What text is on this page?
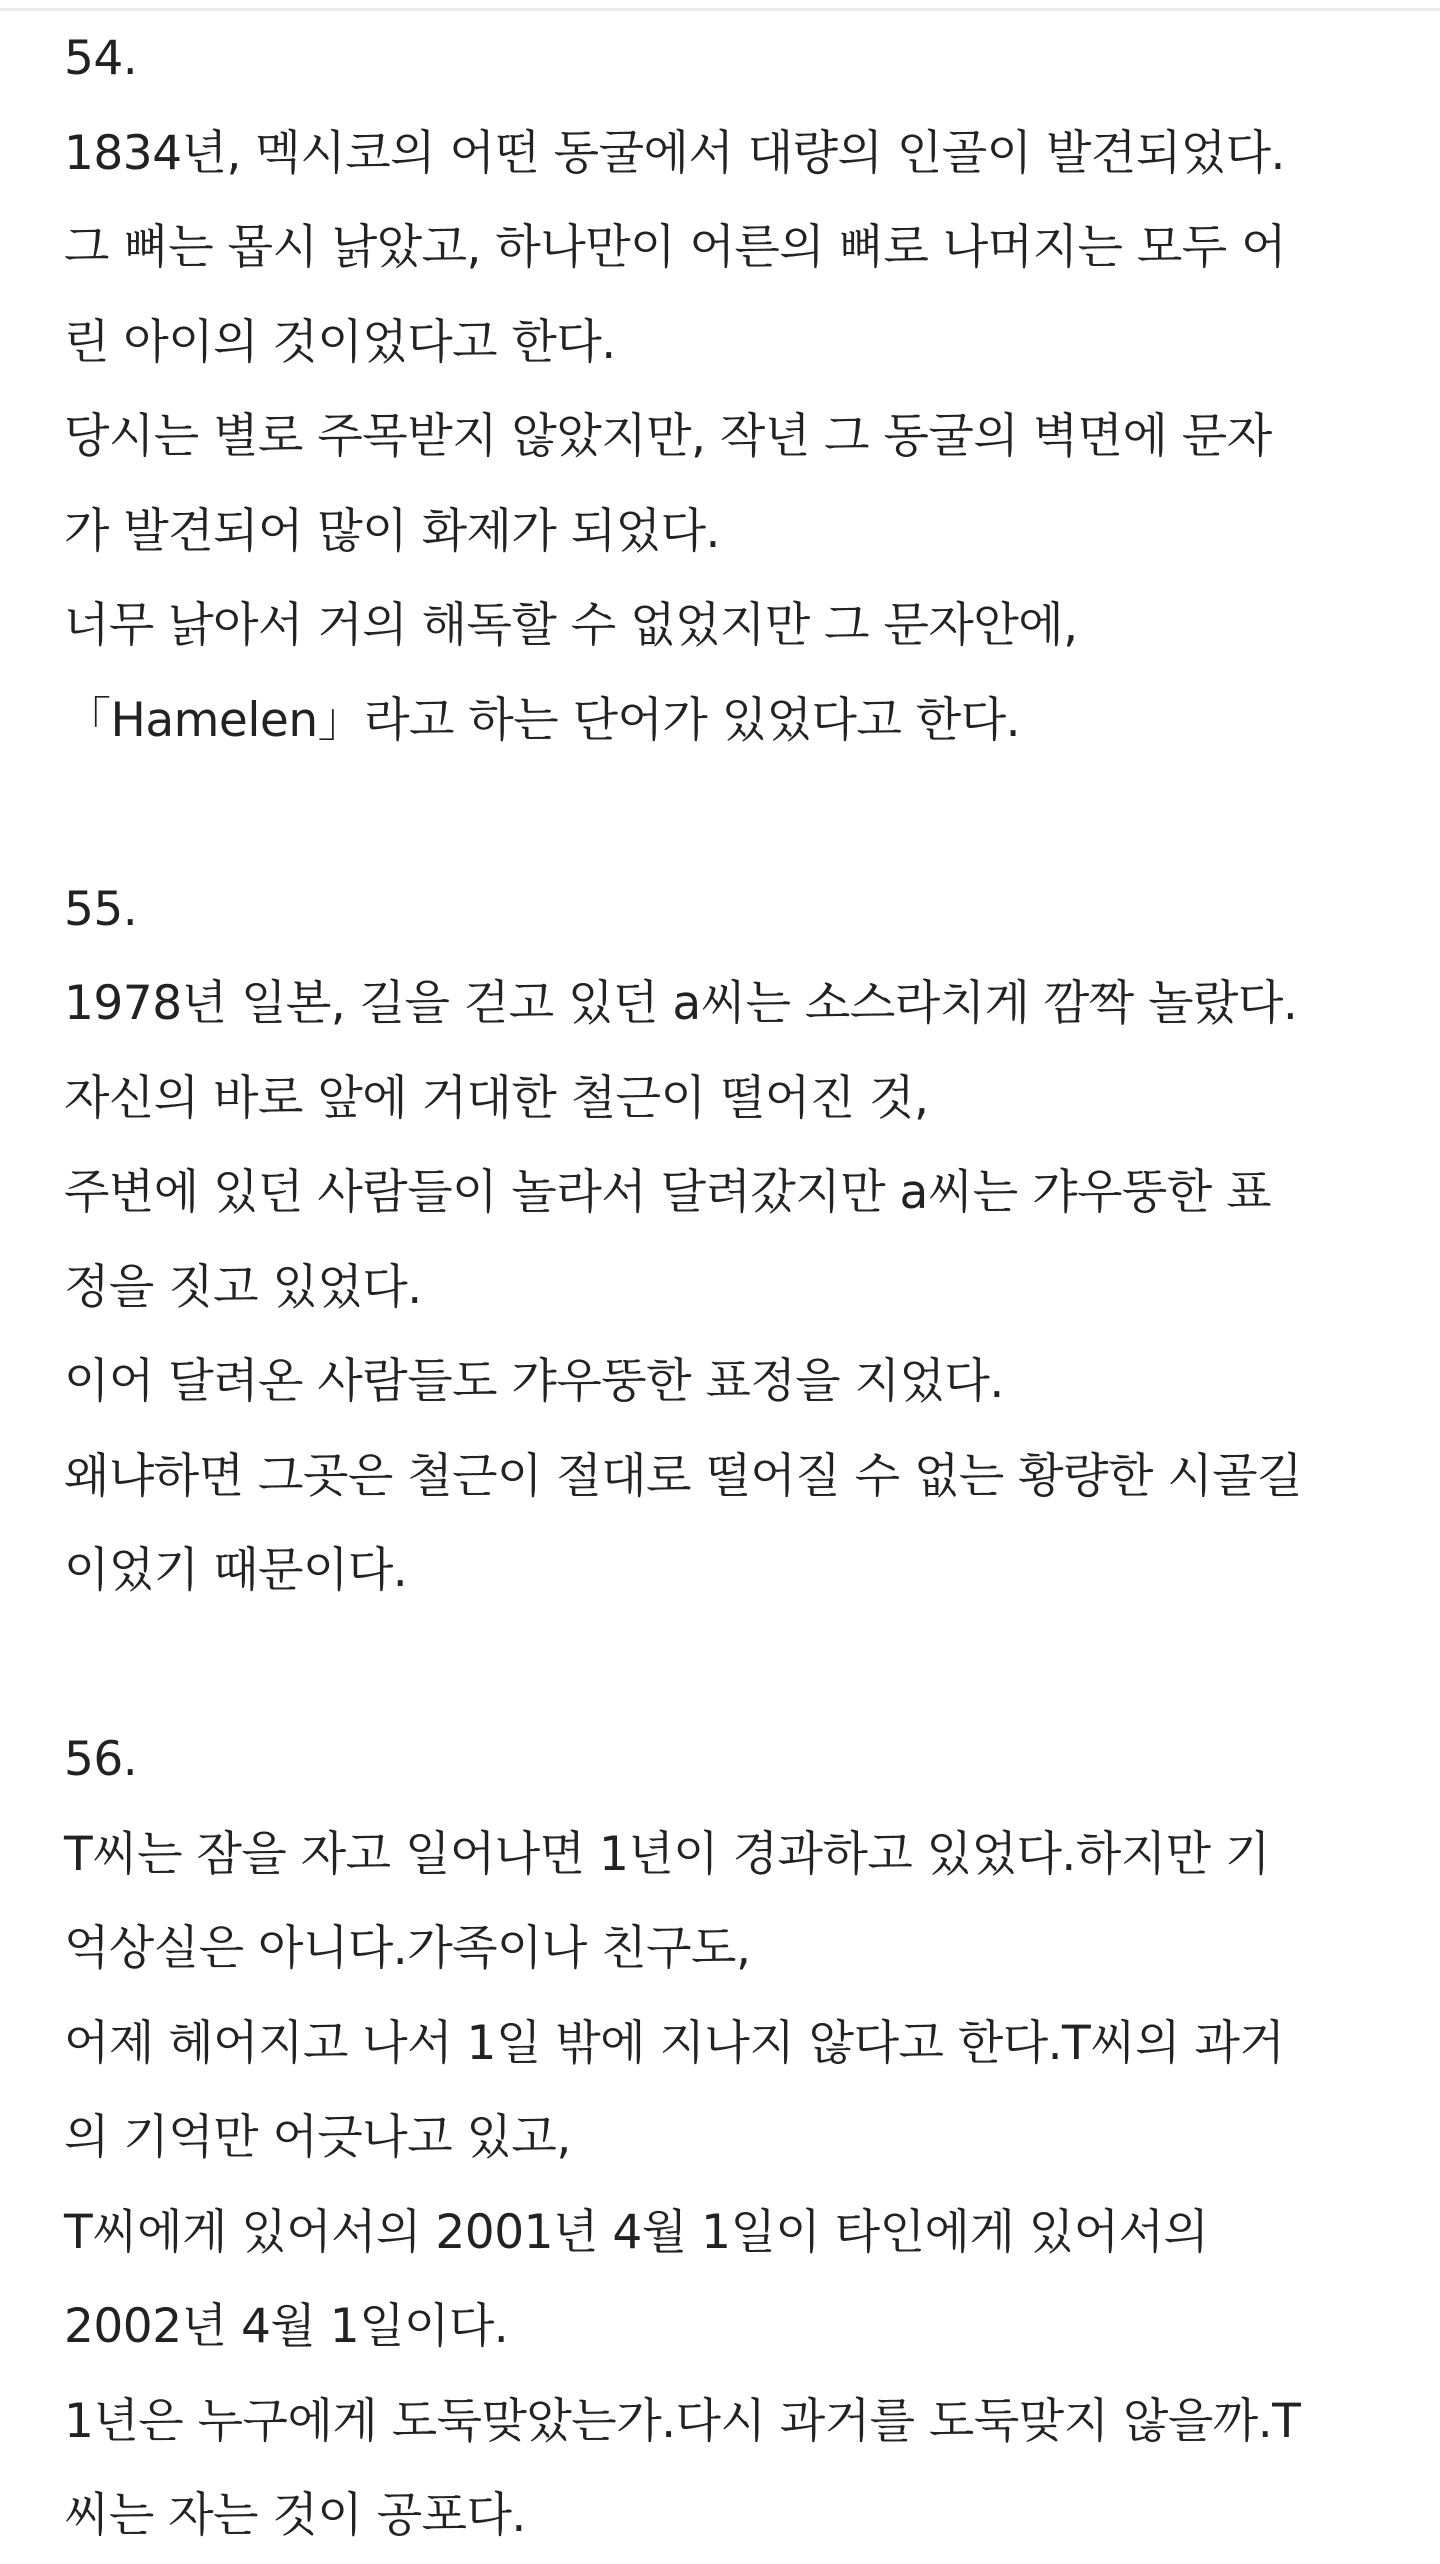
54.
1834년, 멕시코의 어떤 동굴에서 대량의 인골이 발견되었다.
그 뼈는 몹시 낡았고, 하나만이 어른의 뼈로 나머지는 모두 어
린 아이의 것이었다고 한다.
당시는 별로 주목받지 않았지만, 작년 그 동굴의 벽면에 문자
가 발견되어 많이 화제가 되었다.
너무 낡아서 거의 해독할 수 없었지만 그 문자안에,
「Hamelen」라고 하는 단어가 있었다고 한다.
55.
1978년 일본, 길을 걷고 있던 a씨는 소스라치게 깜짝 놀랐다.
자신의 바로 앞에 거대한 철근이 떨어진 것,
주변에 있던 사람들이 놀라서 달려갔지만 a씨는 갸우뚱한 표
정을 짓고 있었다.
이어 달려온 사람들도 갸우뚱한 표정을 지었다.
왜냐하면 그곳은 철근이 절대로 떨어질 수 없는 황량한 시골길
이었기 때문이다.
56.
T씨는 잠을 자고 일어나면 1년이 경과하고 있었다.하지만 기
억상실은 아니다.가족이나 친구도,
어제 헤어지고 나서 1일 밖에 지나지 않다고 한다.T씨의 과거
의 기억만 어긋나고 있고,
T씨에게 있어서의 2001년 4월 1일이 타인에게 있어서의
2002년 4월 1일이다.
1년은 누구에게 도둑맞았는가.다시 과거를 도둑맞지 않을까.T
씨는 자는 것이 공포다.
